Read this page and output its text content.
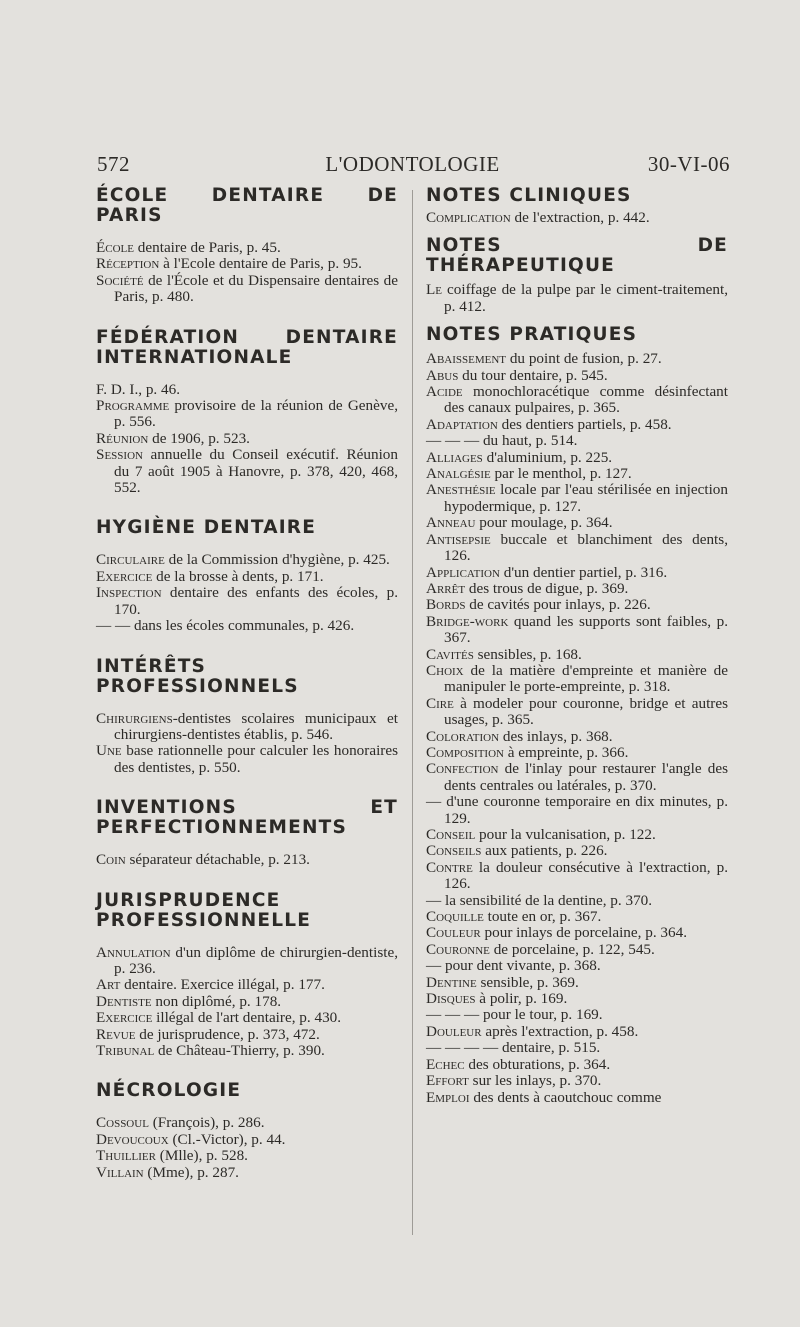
572	L'ODONTOLOGIE	30-VI-06
ÉCOLE DENTAIRE DE PARIS

École dentaire de Paris, p. 45.

Réception à l'Ecole dentaire de Paris, p. 95.

Société de l'École et du Dispensaire dentaires de Paris, p. 480.

FÉDÉRATION DENTAIRE INTERNATIONALE

F. D. I., p. 46.

Programme provisoire de la réunion de Genève, p. 556.

Réunion de 1906, p. 523.

Session annuelle du Conseil exécutif. Réunion du 7 août 1905 à Hanovre, p. 378, 420, 468, 552.

HYGIÈNE DENTAIRE

Circulaire de la Commission d'hygiène, p. 425.

Exercice de la brosse à dents, p. 171.

Inspection dentaire des enfants des écoles, p. 170.

— — dans les écoles communales, p. 426.

INTÉRÊTS PROFESSIONNELS

Chirurgiens-dentistes scolaires municipaux et chirurgiens-dentistes établis, p. 546.

Une base rationnelle pour calculer les honoraires des dentistes, p. 550.

INVENTIONS ET PERFECTIONNEMENTS

Coin séparateur détachable, p. 213.

JURISPRUDENCE PROFESSIONNELLE

Annulation d'un diplôme de chirurgien-dentiste, p. 236.

Art dentaire. Exercice illégal, p. 177.

Dentiste non diplômé, p. 178.

Exercice illégal de l'art dentaire, p. 430.

Revue de jurisprudence, p. 373, 472.

Tribunal de Château-Thierry, p. 390.

NÉCROLOGIE

Cossoul (François), p. 286.

Devoucoux (Cl.-Victor), p. 44.

Thuillier (Mlle), p. 528.

Villain (Mme), p. 287.

NOTES CLINIQUES

Complication de l'extraction, p. 442.

NOTES DE THÉRAPEUTIQUE

Le coiffage de la pulpe par le ciment-traitement, p. 412.

NOTES PRATIQUES

Abaissement du point de fusion, p. 27.

Abus du tour dentaire, p. 545.

Acide monochloracétique comme désinfectant des canaux pulpaires, p. 365.

Adaptation des dentiers partiels, p. 458.

— — — du haut, p. 514.

Alliages d'aluminium, p. 225.

Analgésie par le menthol, p. 127.

Anesthésie locale par l'eau stérilisée en injection hypodermique, p. 127.

Anneau pour moulage, p. 364.

Antisepsie buccale et blanchiment des dents, 126.

Application d'un dentier partiel, p. 316.

Arrêt des trous de digue, p. 369.

Bords de cavités pour inlays, p. 226.

Bridge-work quand les supports sont faibles, p. 367.

Cavités sensibles, p. 168.

Choix de la matière d'empreinte et manière de manipuler le porte-empreinte, p. 318.

Cire à modeler pour couronne, bridge et autres usages, p. 365.

Coloration des inlays, p. 368.

Composition à empreinte, p. 366.

Confection de l'inlay pour restaurer l'angle des dents centrales ou latérales, p. 370.

— d'une couronne temporaire en dix minutes, p. 129.

Conseil pour la vulcanisation, p. 122.

Conseils aux patients, p. 226.

Contre la douleur consécutive à l'extraction, p. 126.

— la sensibilité de la dentine, p. 370.

Coquille toute en or, p. 367.

Couleur pour inlays de porcelaine, p. 364.

Couronne de porcelaine, p. 122, 545.

— pour dent vivante, p. 368.

Dentine sensible, p. 369.

Disques à polir, p. 169.

— — — pour le tour, p. 169.

Douleur après l'extraction, p. 458.

— — — — dentaire, p. 515.

Echec des obturations, p. 364.

Effort sur les inlays, p. 370.

Emploi des dents à caoutchouc comme
